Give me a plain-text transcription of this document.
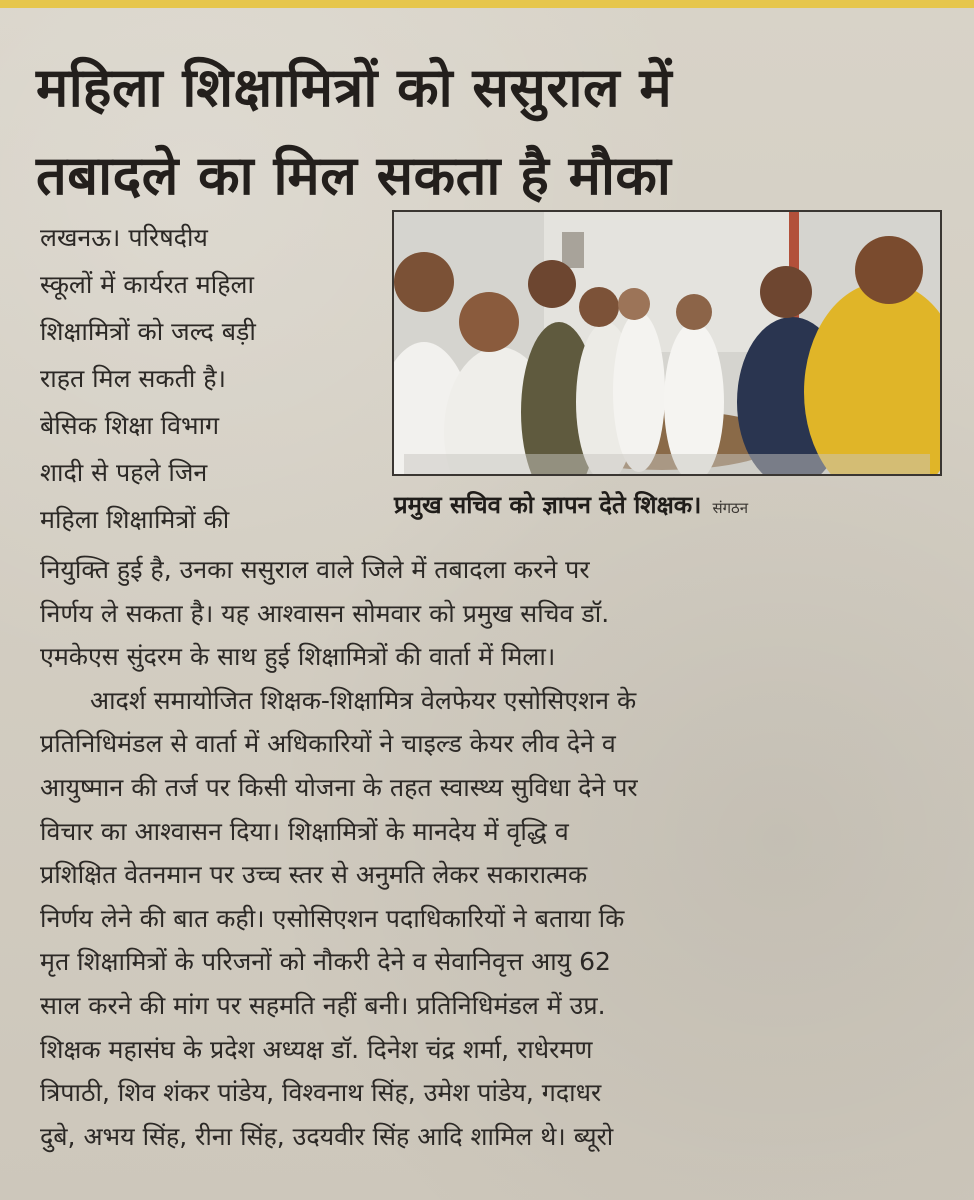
महिला शिक्षामित्रों को ससुराल में
तबादले का मिल सकता है मौका
लखनऊ। परिषदीय
स्कूलों में कार्यरत महिला
शिक्षामित्रों को जल्द बड़ी
राहत मिल सकती है।
बेसिक शिक्षा विभाग
शादी से पहले जिन
महिला शिक्षामित्रों की	प्रमुख सचिव को ज्ञापन देते शिक्षक। संगठन
नियुक्ति हुई है, उनका ससुराल वाले जिले में तबादला करने पर
निर्णय ले सकता है। यह आश्वासन सोमवार को प्रमुख सचिव डॉ.
एमकेएस सुंदरम के साथ हुई शिक्षामित्रों की वार्ता में मिला।
आदर्श समायोजित शिक्षक-शिक्षामित्र वेलफेयर एसोसिएशन के
प्रतिनिधिमंडल से वार्ता में अधिकारियों ने चाइल्ड केयर लीव देने व
आयुष्मान की तर्ज पर किसी योजना के तहत स्वास्थ्य सुविधा देने पर
विचार का आश्वासन दिया। शिक्षामित्रों के मानदेय में वृद्धि व
प्रशिक्षित वेतनमान पर उच्च स्तर से अनुमति लेकर सकारात्मक
निर्णय लेने की बात कही। एसोसिएशन पदाधिकारियों ने बताया कि
मृत शिक्षामित्रों के परिजनों को नौकरी देने व सेवानिवृत्त आयु 62
साल करने की मांग पर सहमति नहीं बनी। प्रतिनिधिमंडल में उप्र.
शिक्षक महासंघ के प्रदेश अध्यक्ष डॉ. दिनेश चंद्र शर्मा, राधेरमण
त्रिपाठी, शिव शंकर पांडेय, विश्वनाथ सिंह, उमेश पांडेय, गदाधर
दुबे, अभय सिंह, रीना सिंह, उदयवीर सिंह आदि शामिल थे। ब्यूरो
